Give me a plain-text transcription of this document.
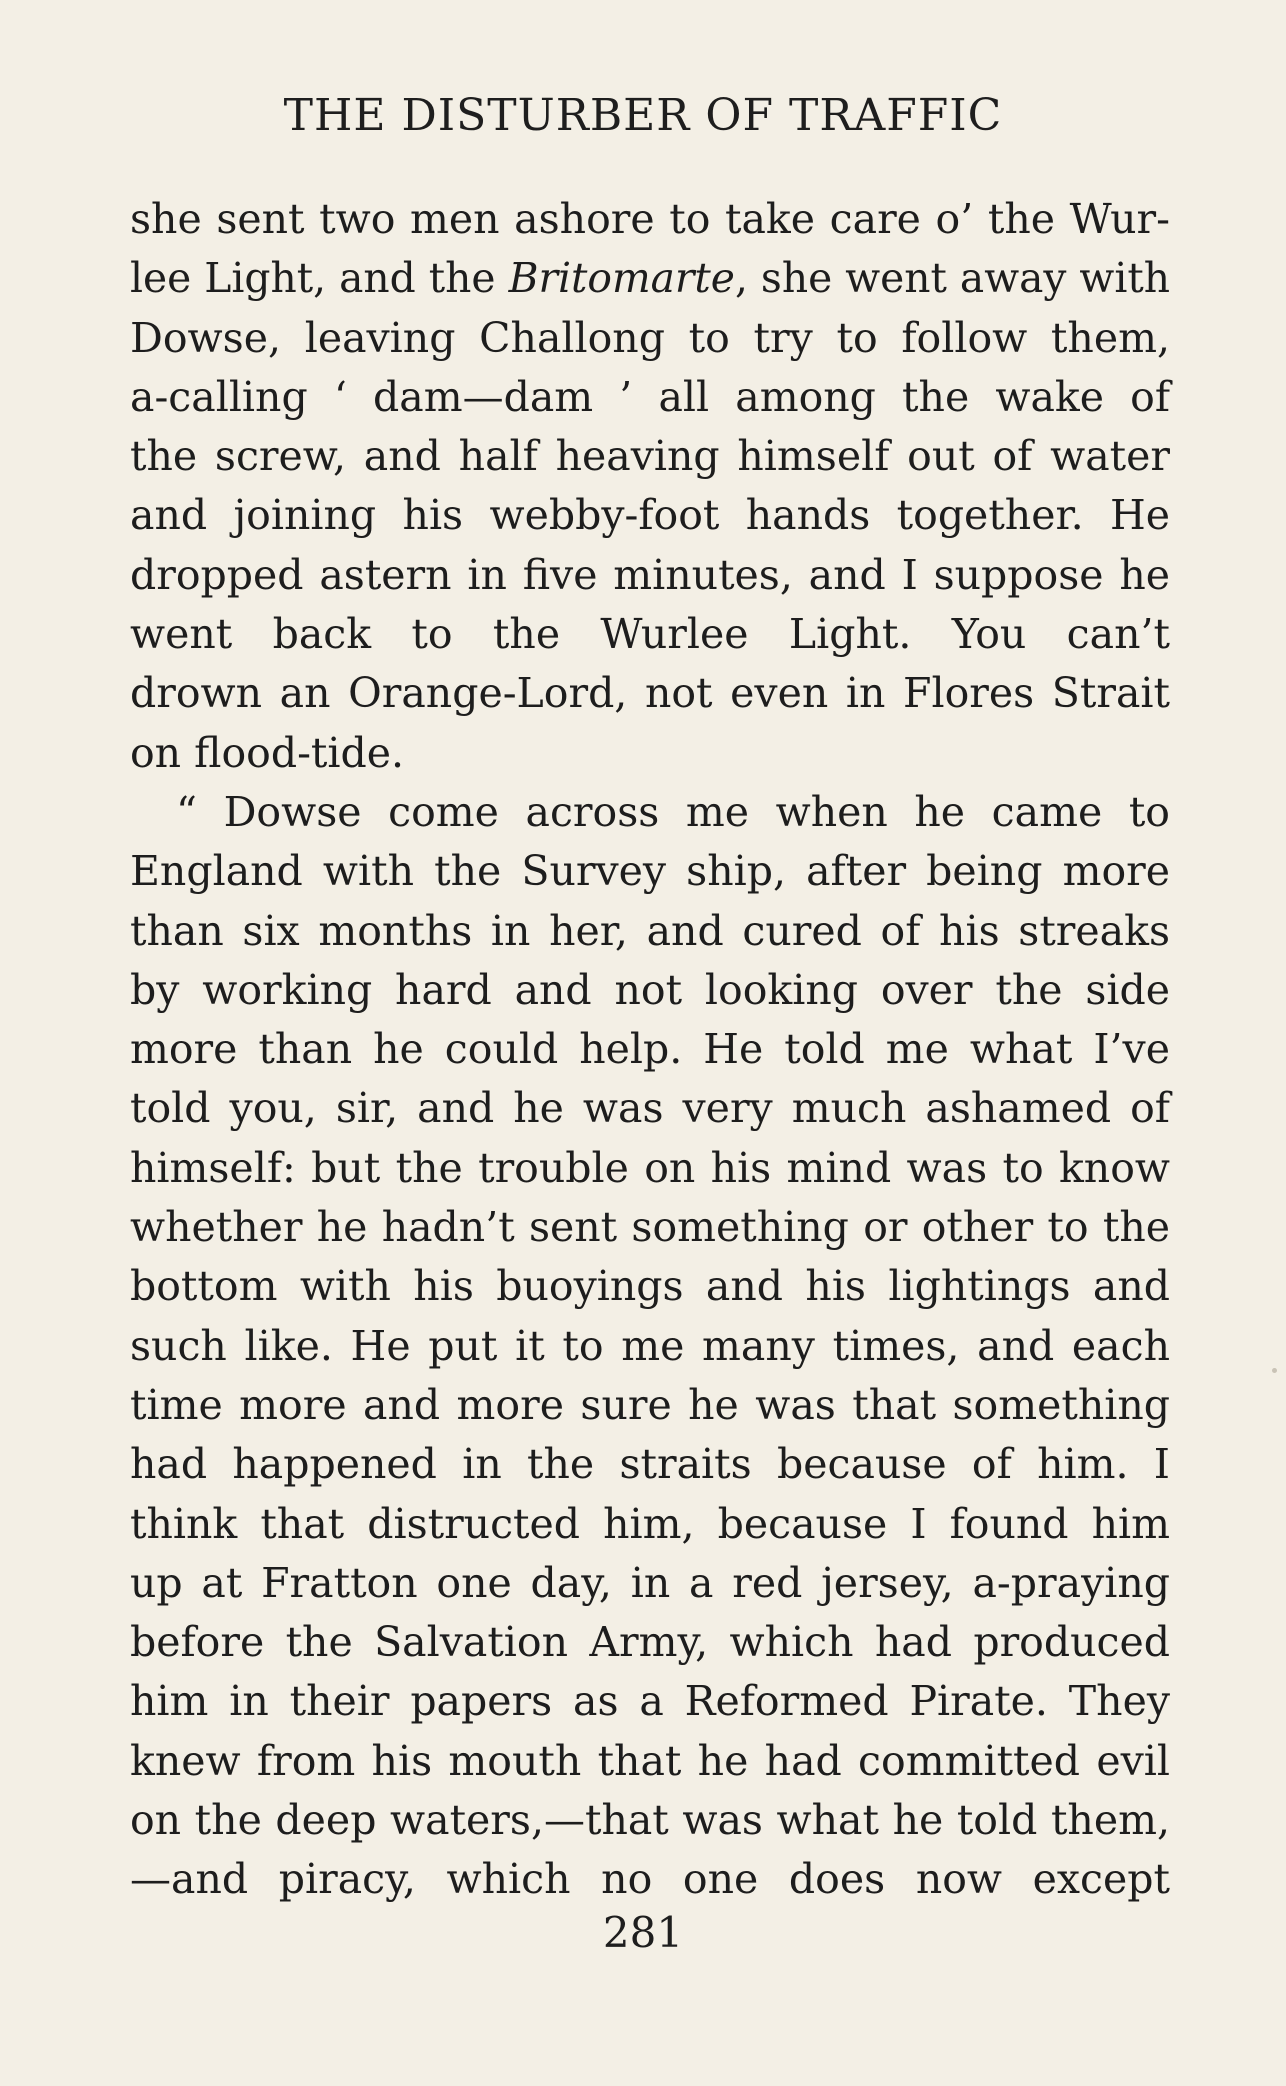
THE DISTURBER OF TRAFFIC
she sent two men ashore to take care o’ the Wur-
lee Light, and the Britomarte, she went away with
Dowse, leaving Challong to try to follow them,
a-calling ‘ dam—dam ’ all among the wake of
the screw, and half heaving himself out of water
and joining his webby-foot hands together. He
dropped astern in five minutes, and I suppose he
went back to the Wurlee Light. You can’t
drown an Orange-Lord, not even in Flores Strait
on flood-tide.
“ Dowse come across me when he came to
England with the Survey ship, after being more
than six months in her, and cured of his streaks
by working hard and not looking over the side
more than he could help. He told me what I’ve
told you, sir, and he was very much ashamed of
himself: but the trouble on his mind was to know
whether he hadn’t sent something or other to the
bottom with his buoyings and his lightings and
such like. He put it to me many times, and each
time more and more sure he was that something
had happened in the straits because of him. I
think that distructed him, because I found him
up at Fratton one day, in a red jersey, a-praying
before the Salvation Army, which had produced
him in their papers as a Reformed Pirate. They
knew from his mouth that he had committed evil
on the deep waters,—that was what he told them,
—and piracy, which no one does now except
281
